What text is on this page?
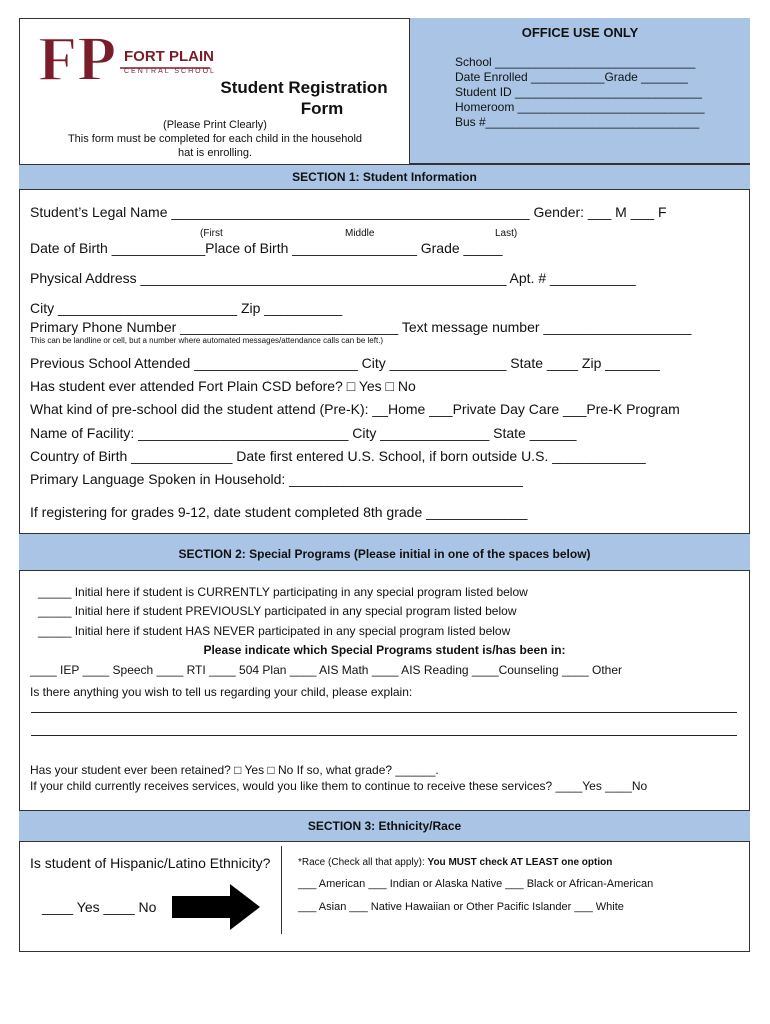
FP FORT PLAIN
CENTRAL SCHOOL
Student Registration
Form
(Please Print Clearly)
This form must be completed for each child in the household
hat is enrolling.
OFFICE USE ONLY
School ______________________________
Date Enrolled ___________Grade _______
Student ID ____________________________
Homeroom ____________________________
Bus #________________________________
SECTION 1: Student Information
Student’s Legal Name ______________________________________________ Gender: ___ M ___ F
(First	Middle	Last)
Date of Birth ____________Place of Birth ________________ Grade _____
Physical Address _______________________________________________ Apt. # ___________
City _______________________ Zip __________
Primary Phone Number ____________________________ Text message number ___________________
This can be landline or cell, but a number where automated messages/attendance calls can be left.)
Previous School Attended _____________________ City _______________ State ____ Zip _______
Has student ever attended Fort Plain CSD before? □ Yes □ No
What kind of pre-school did the student attend (Pre-K): __Home ___Private Day Care ___Pre-K Program
Name of Facility: ___________________________ City ______________ State ______
Country of Birth _____________ Date first entered U.S. School, if born outside U.S. ____________
Primary Language Spoken in Household: ______________________________
If registering for grades 9-12, date student completed 8th grade _____________
SECTION 2: Special Programs (Please initial in one of the spaces below)
_____ Initial here if student is CURRENTLY participating in any special program listed below
_____ Initial here if student PREVIOUSLY participated in any special program listed below
_____ Initial here if student HAS NEVER participated in any special program listed below
Please indicate which Special Programs student is/has been in:
____ IEP ____ Speech ____ RTI ____ 504 Plan ____ AIS Math ____ AIS Reading ____Counseling ____ Other
Is there anything you wish to tell us regarding your child, please explain:
Has your student ever been retained? □ Yes □ No If so, what grade? ______.
If your child currently receives services, would you like them to continue to receive these services? ____Yes ____No
SECTION 3: Ethnicity/Race
Is student of Hispanic/Latino Ethnicity?
____ Yes ____ No
*Race (Check all that apply): You MUST check AT LEAST one option
___ American ___ Indian or Alaska Native ___ Black or African-American
___ Asian ___ Native Hawaiian or Other Pacific Islander ___ White
